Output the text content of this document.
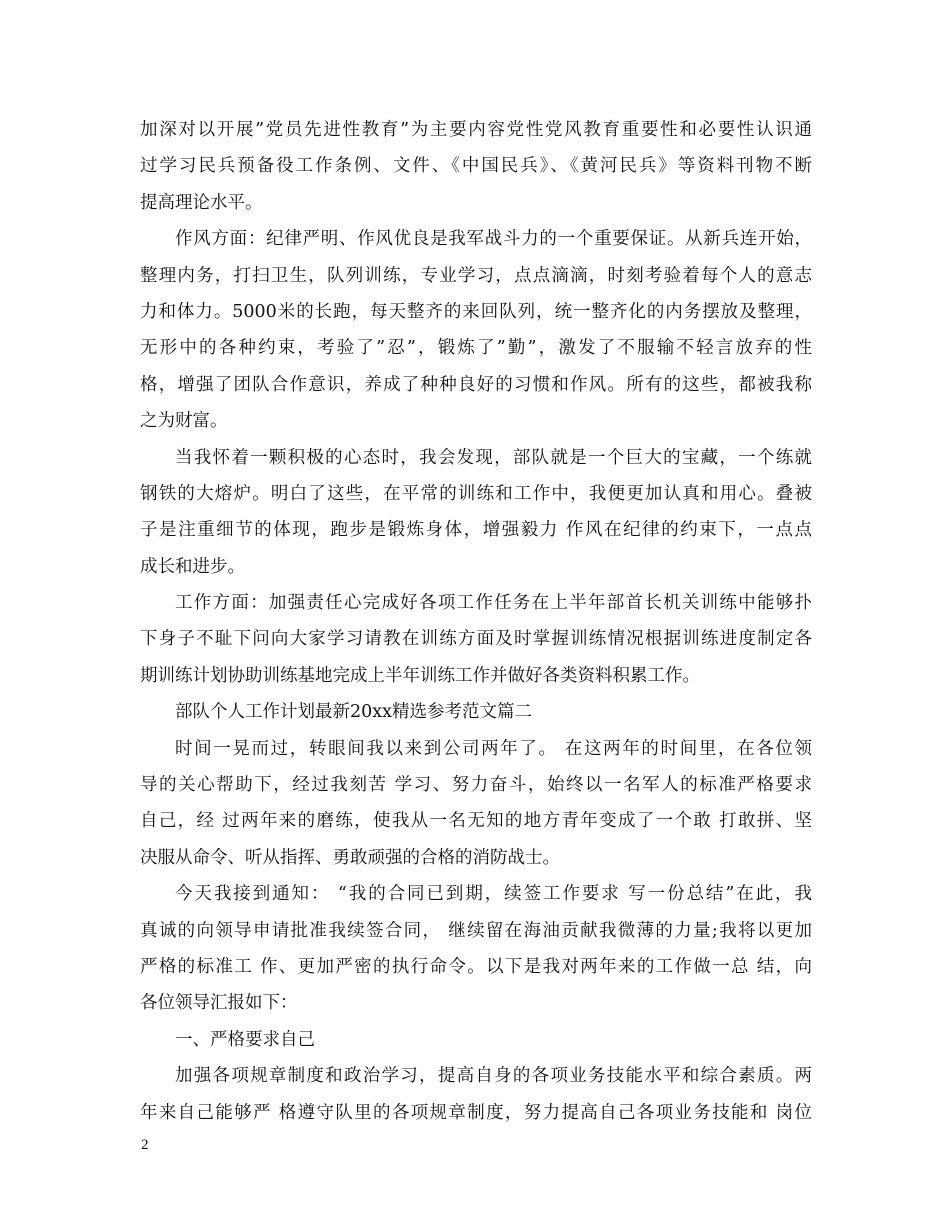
加深对以开展”党员先进性教育”为主要内容党性党风教育重要性和必要性认识通
过学习民兵预备役工作条例、文件、《中国民兵》、《黄河民兵》等资料刊物不断
提高理论水平。
作风方面：纪律严明、作风优良是我军战斗力的一个重要保证。从新兵连开始，
整理内务，打扫卫生，队列训练，专业学习，点点滴滴，时刻考验着每个人的意志
力和体力。5000米的长跑，每天整齐的来回队列，统一整齐化的内务摆放及整理，
无形中的各种约束，考验了”忍”，锻炼了”勤”，激发了不服输不轻言放弃的性
格，增强了团队合作意识，养成了种种良好的习惯和作风。所有的这些，都被我称
之为财富。
当我怀着一颗积极的心态时，我会发现，部队就是一个巨大的宝藏，一个练就
钢铁的大熔炉。明白了这些，在平常的训练和工作中，我便更加认真和用心。叠被
子是注重细节的体现，跑步是锻炼身体，增强毅力 作风在纪律的约束下，一点点
成长和进步。
工作方面：加强责任心完成好各项工作任务在上半年部首长机关训练中能够扑
下身子不耻下问向大家学习请教在训练方面及时掌握训练情况根据训练进度制定各
期训练计划协助训练基地完成上半年训练工作并做好各类资料积累工作。
部队个人工作计划最新20xx精选参考范文篇二
时间一晃而过，转眼间我以来到公司两年了。 在这两年的时间里，在各位领
导的关心帮助下，经过我刻苦 学习、努力奋斗，始终以一名军人的标准严格要求
自己，经 过两年来的磨练，使我从一名无知的地方青年变成了一个敢 打敢拼、坚
决服从命令、听从指挥、勇敢顽强的合格的消防战士。
今天我接到通知： “我的合同已到期，续签工作要求 写一份总结”在此，我
真诚的向领导申请批准我续签合同， 继续留在海油贡献我微薄的力量;我将以更加
严格的标准工 作、更加严密的执行命令。以下是我对两年来的工作做一总 结，向
各位领导汇报如下：
一、严格要求自己
加强各项规章制度和政治学习，提高自身的各项业务技能水平和综合素质。两
年来自己能够严 格遵守队里的各项规章制度，努力提高自己各项业务技能和 岗位
2
